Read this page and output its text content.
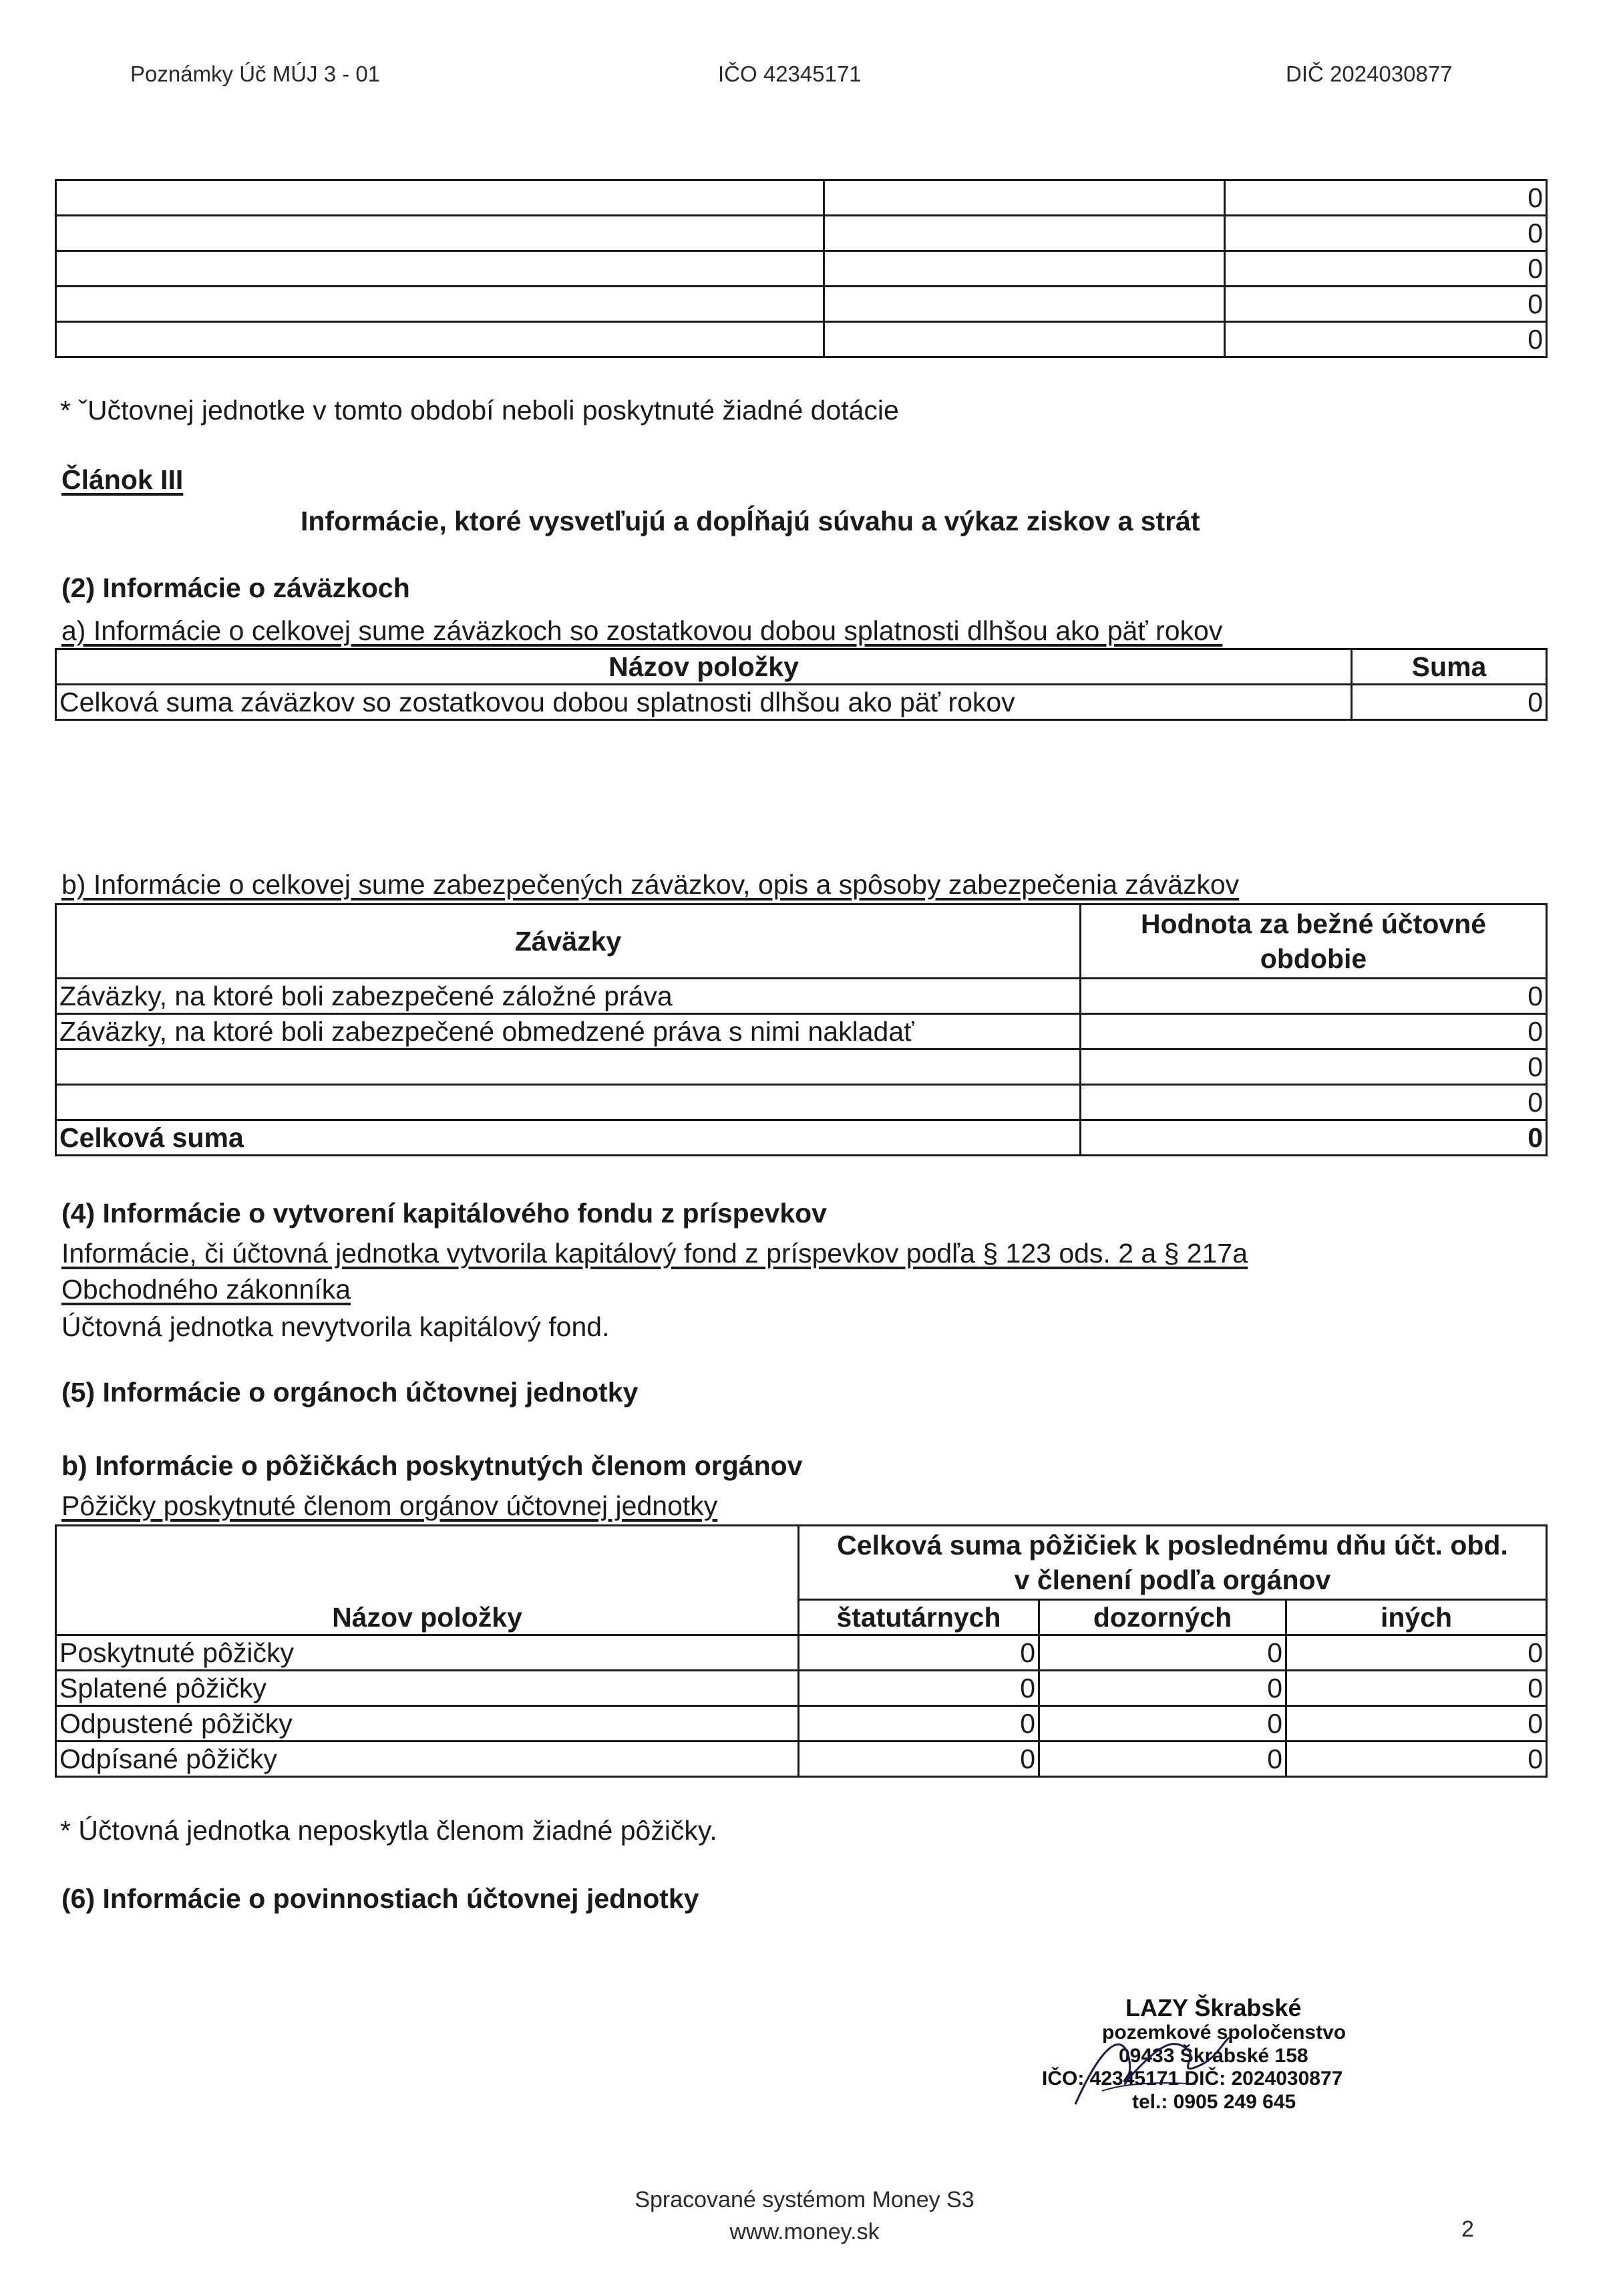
Poznámky Úč MÚJ 3 - 01	IČO 42345171	DIČ 2024030877
		0
		0
		0
		0
		0
* ˇUčtovnej jednotke v tomto období neboli poskytnuté žiadné dotácie
Článok III
Informácie, ktoré vysvetľujú a dopĺňajú súvahu a výkaz ziskov a strát
(2) Informácie o záväzkoch
a) Informácie o celkovej sume záväzkoch so zostatkovou dobou splatnosti dlhšou ako päť rokov
Názov položky	Suma
Celková suma záväzkov so zostatkovou dobou splatnosti dlhšou ako päť rokov	0
b) Informácie o celkovej sume zabezpečených záväzkov, opis a spôsoby zabezpečenia záväzkov
Záväzky	Hodnota za bežné účtovné
obdobie

Záväzky, na ktoré boli zabezpečené záložné práva	0
Záväzky, na ktoré boli zabezpečené obmedzené práva s nimi nakladať	0
	0
	0
Celková suma	0
(4) Informácie o vytvorení kapitálového fondu z príspevkov
Informácie, či účtovná jednotka vytvorila kapitálový fond z príspevkov podľa § 123 ods. 2 a § 217a
Obchodného zákonníka
Účtovná jednotka nevytvorila kapitálový fond.
(5) Informácie o orgánoch účtovnej jednotky
b) Informácie o pôžičkách poskytnutých členom orgánov
Pôžičky poskytnuté členom orgánov účtovnej jednotky
Názov položky	Celková suma pôžičiek k poslednému dňu účt. obd.
v členení podľa orgánov		

	štatutárnych	dozorných	iných
Poskytnuté pôžičky	0	0	0
Splatené pôžičky	0	0	0
Odpustené pôžičky	0	0	0
Odpísané pôžičky	0	0	0
* Účtovná jednotka neposkytla členom žiadné pôžičky.
(6) Informácie o povinnostiach účtovnej jednotky
LAZY Škrabské
pozemkové spoločenstvo
09433 Škrabské 158
IČO: 42345171 DIČ: 2024030877
tel.: 0905 249 645
Spracované systémom Money S3
www.money.sk	2
